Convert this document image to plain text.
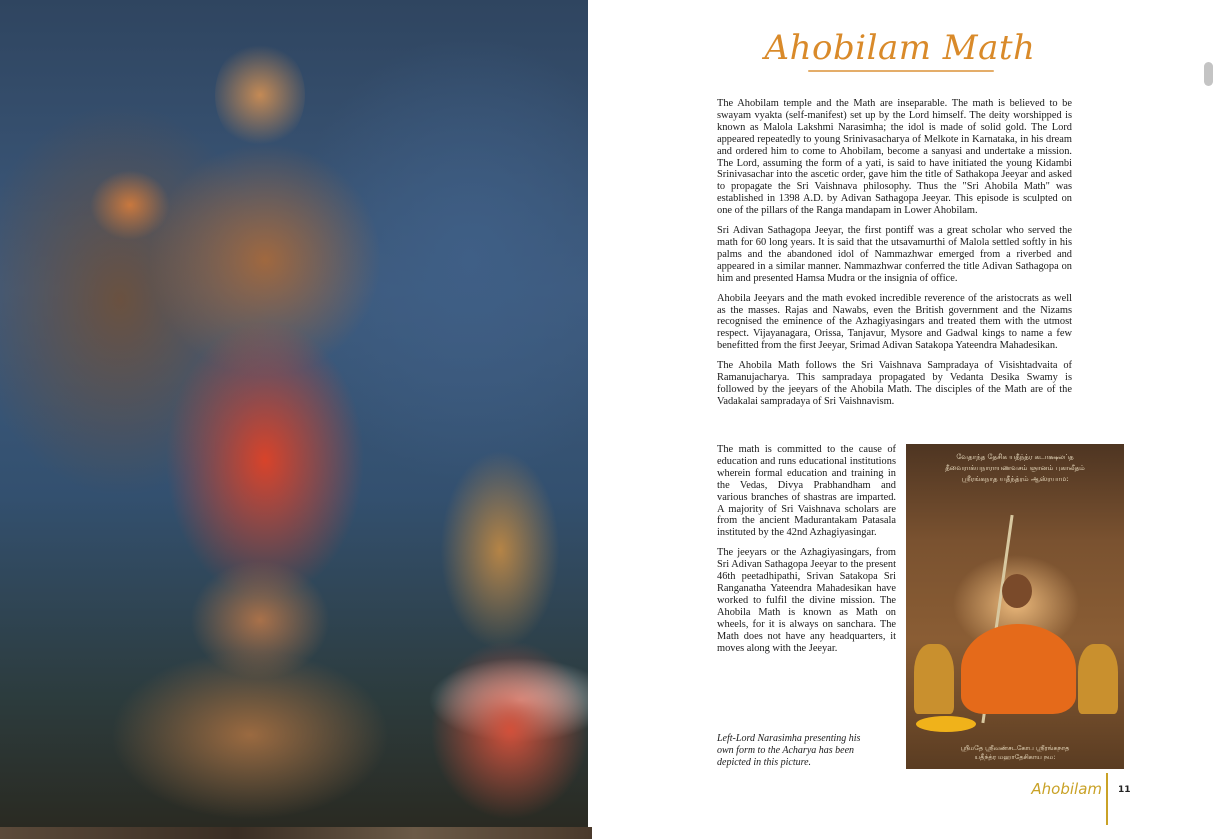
Ahobilam Math

The Ahobilam temple and the Math are inseparable. The math is believed to be swayam vyakta (self-manifest) set up by the Lord himself. The deity worshipped is known as Malola Lakshmi Narasimha; the idol is made of solid gold. The Lord appeared repeatedly to young Srinivasacharya of Melkote in Karnataka, in his dream and ordered him to come to Ahobilam, become a sanyasi and undertake a mission. The Lord, assuming the form of a yati, is said to have initiated the young Kidambi Srinivasachar into the ascetic order, gave him the title of Sathakopa Jeeyar and asked to propagate the Sri Vaishnava philosophy. Thus the "Sri Ahobila Math" was established in 1398 A.D. by Adivan Sathagopa Jeeyar. This episode is sculpted on one of the pillars of the Ranga mandapam in Lower Ahobilam.

Sri Adivan Sathagopa Jeeyar, the first pontiff was a great scholar who served the math for 60 long years. It is said that the utsavamurthi of Malola settled softly in his palms and the abandoned idol of Nammazhwar emerged from a riverbed and appeared in a similar manner. Nammazhwar conferred the title Adivan Sathagopa on him and presented Hamsa Mudra or the insignia of office.

Ahobila Jeeyars and the math evoked incredible reverence of the aristocrats as well as the masses. Rajas and Nawabs, even the British government and the Nizams recognised the eminence of the Azhagiyasingars and treated them with the utmost respect. Vijayanagara, Orissa, Tanjavur, Mysore and Gadwal kings to name a few benefitted from the first Jeeyar, Srimad Adivan Satakopa Yateendra Mahadesikan.

The Ahobila Math follows the Sri Vaishnava Sampradaya of Visishtadvaita of Ramanujacharya. This sampradaya propagated by Vedanta Desika Swamy is followed by the jeeyars of the Ahobila Math. The disciples of the Math are of the Vadakalai sampradaya of Sri Vaishnavism.

The math is committed to the cause of education and runs educational institutions wherein formal education and training in the Vedas, Divya Prabhandham and various branches of shastras are imparted. A majority of Sri Vaishnava scholars are from the ancient Madurantakam Patasala instituted by the 42nd Azhagiyasingar.

The jeeyars or the Azhagiyasingars, from Sri Adivan Sathagopa Jeeyar to the present 46th peetadhipathi, Srivan Satakopa Sri Ranganatha Yateendra Mahadesikan have worked to fulfil the divine mission. The Ahobila Math is known as Math on wheels, for it is always on sanchara. The Math does not have any headquarters, it moves along with the Jeeyar.

Left-Lord Narasimha presenting his own form to the Acharya has been depicted in this picture.
வேதாந்த தேசிக யதீந்த்ர கடாக்ஷலப்த
தீவைராக்யநாராயணவசம் ஞானம் புகாலீதம்
ஸ்ரீரங்கநாத யதீந்த்ரம் ஆஸ்ரயாம:
ஸ்ரீமதே ஸ்ரீவண்சடகோப ஸ்ரீரங்கநாத
யதீந்த்ர மஹாதேசிகாய நம:
Ahobilam 11
